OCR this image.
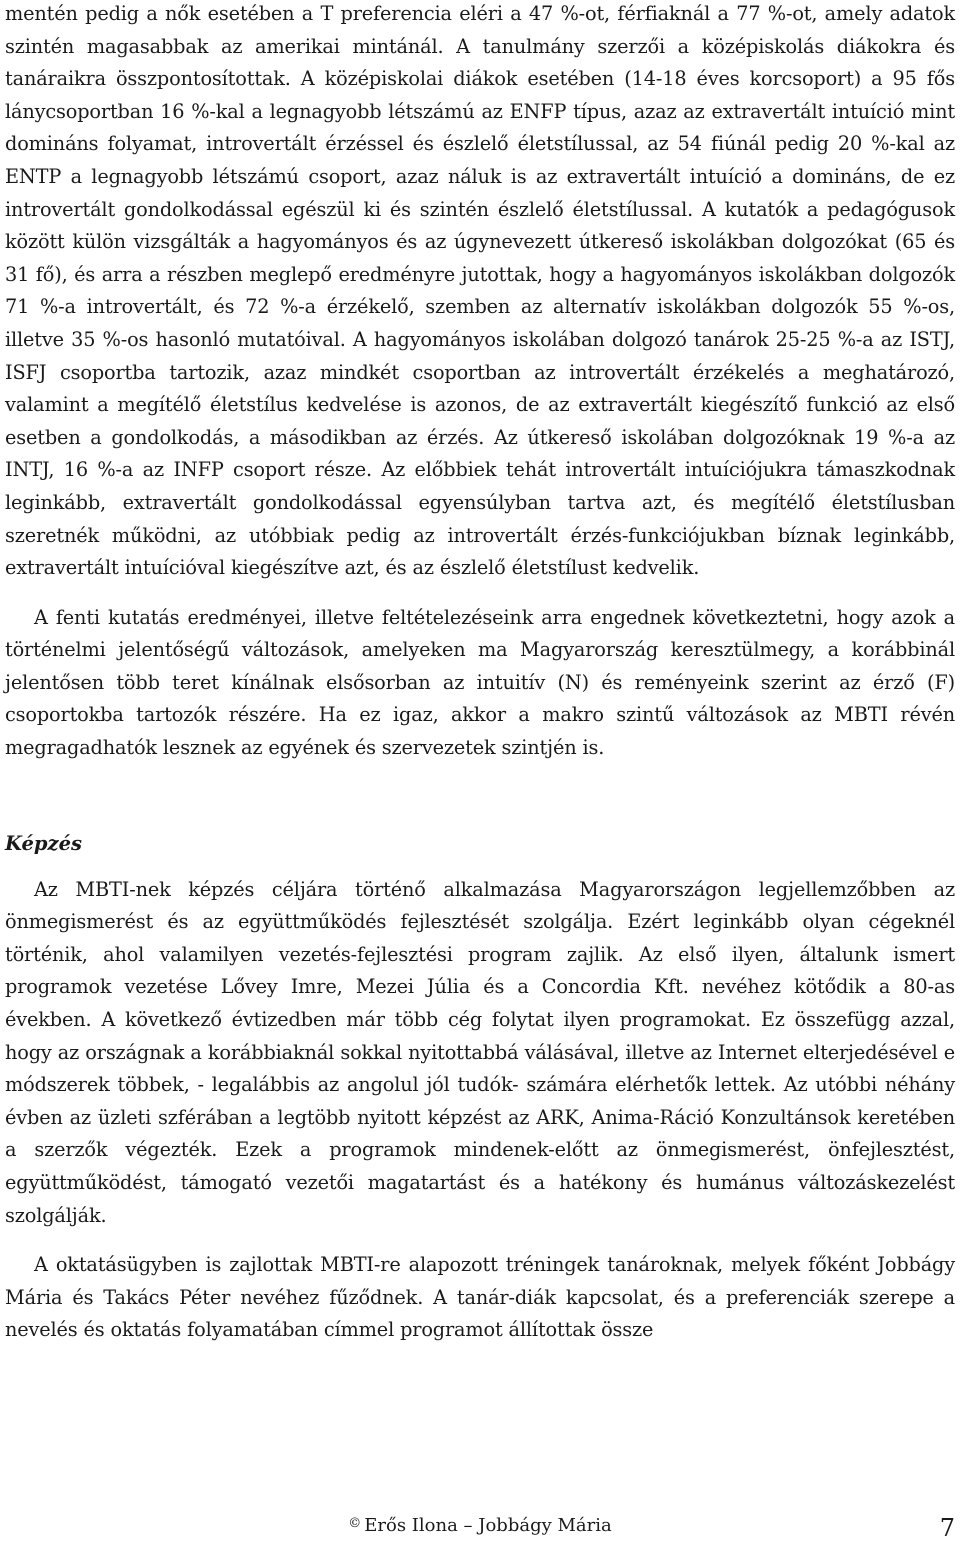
mentén pedig a nők esetében a T preferencia eléri a 47 %-ot, férfiaknál a 77 %-ot, amely adatok szintén magasabbak az amerikai mintánál. A tanulmány szerzői a középiskolás diákokra és tanáraikra összpontosítottak. A középiskolai diákok esetében (14-18 éves korcsoport) a 95 fős lánycsoportban 16 %-kal a legnagyobb létszámú az ENFP típus, azaz az extravertált intuíció mint domináns folyamat, introvertált érzéssel és észlelő életstílussal, az 54 fiúnál pedig 20 %-kal az ENTP a legnagyobb létszámú csoport, azaz náluk is az extravertált intuíció a domináns, de ez introvertált gondolkodással egészül ki és szintén észlelő életstílussal. A kutatók a pedagógusok között külön vizsgálták a hagyományos és az úgynevezett útkereső iskolákban dolgozókat (65 és 31 fő), és arra a részben meglepő eredményre jutottak, hogy a hagyományos iskolákban dolgozók 71 %-a introvertált, és 72 %-a érzékelő, szemben az alternatív iskolákban dolgozók 55 %-os, illetve 35 %-os hasonló mutatóival. A hagyományos iskolában dolgozó tanárok 25-25 %-a az ISTJ, ISFJ csoportba tartozik, azaz mindkét csoportban az introvertált érzékelés a meghatározó, valamint a megítélő életstílus kedvelése is azonos, de az extravertált kiegészítő funkció az első esetben a gondolkodás, a másodikban az érzés. Az útkereső iskolában dolgozóknak 19 %-a az INTJ, 16 %-a az INFP csoport része. Az előbbiek tehát introvertált intuíciójukra támaszkodnak leginkább, extravertált gondolkodással egyensúlyban tartva azt, és megítélő életstílusban szeretnék működni, az utóbbiak pedig az introvertált érzés-funkciójukban bíznak leginkább, extravertált intuícióval kiegészítve azt, és az észlelő életstílust kedvelik.

A fenti kutatás eredményei, illetve feltételezéseink arra engednek következtetni, hogy azok a történelmi jelentőségű változások, amelyeken ma Magyarország keresztülmegy, a korábbinál jelentősen több teret kínálnak elsősorban az intuitív (N) és reményeink szerint az érző (F) csoportokba tartozók részére. Ha ez igaz, akkor a makro szintű változások az MBTI révén megragadhatók lesznek az egyének és szervezetek szintjén is.

Képzés

Az MBTI-nek képzés céljára történő alkalmazása Magyarországon legjellemzőbben az önmegismerést és az együttműködés fejlesztését szolgálja. Ezért leginkább olyan cégeknél történik, ahol valamilyen vezetés-fejlesztési program zajlik. Az első ilyen, általunk ismert programok vezetése Lővey Imre, Mezei Júlia és a Concordia Kft. nevéhez kötődik a 80-as években. A következő évtizedben már több cég folytat ilyen programokat. Ez összefügg azzal, hogy az országnak a korábbiaknál sokkal nyitottabbá válásával, illetve az Internet elterjedésével e módszerek többek, - legalábbis az angolul jól tudók- számára elérhetők lettek. Az utóbbi néhány évben az üzleti szférában a legtöbb nyitott képzést az ARK, Anima-Ráció Konzultánsok keretében a szerzők végezték. Ezek a programok mindenek-előtt az önmegismerést, önfejlesztést, együttműködést, támogató vezetői magatartást és a hatékony és humánus változáskezelést szolgálják.

A oktatásügyben is zajlottak MBTI-re alapozott tréningek tanároknak, melyek főként Jobbágy Mária és Takács Péter nevéhez fűződnek. A tanár-diák kapcsolat, és a preferenciák szerepe a nevelés és oktatás folyamatában címmel programot állítottak össze

© Erős Ilona – Jobbágy Mária	7
